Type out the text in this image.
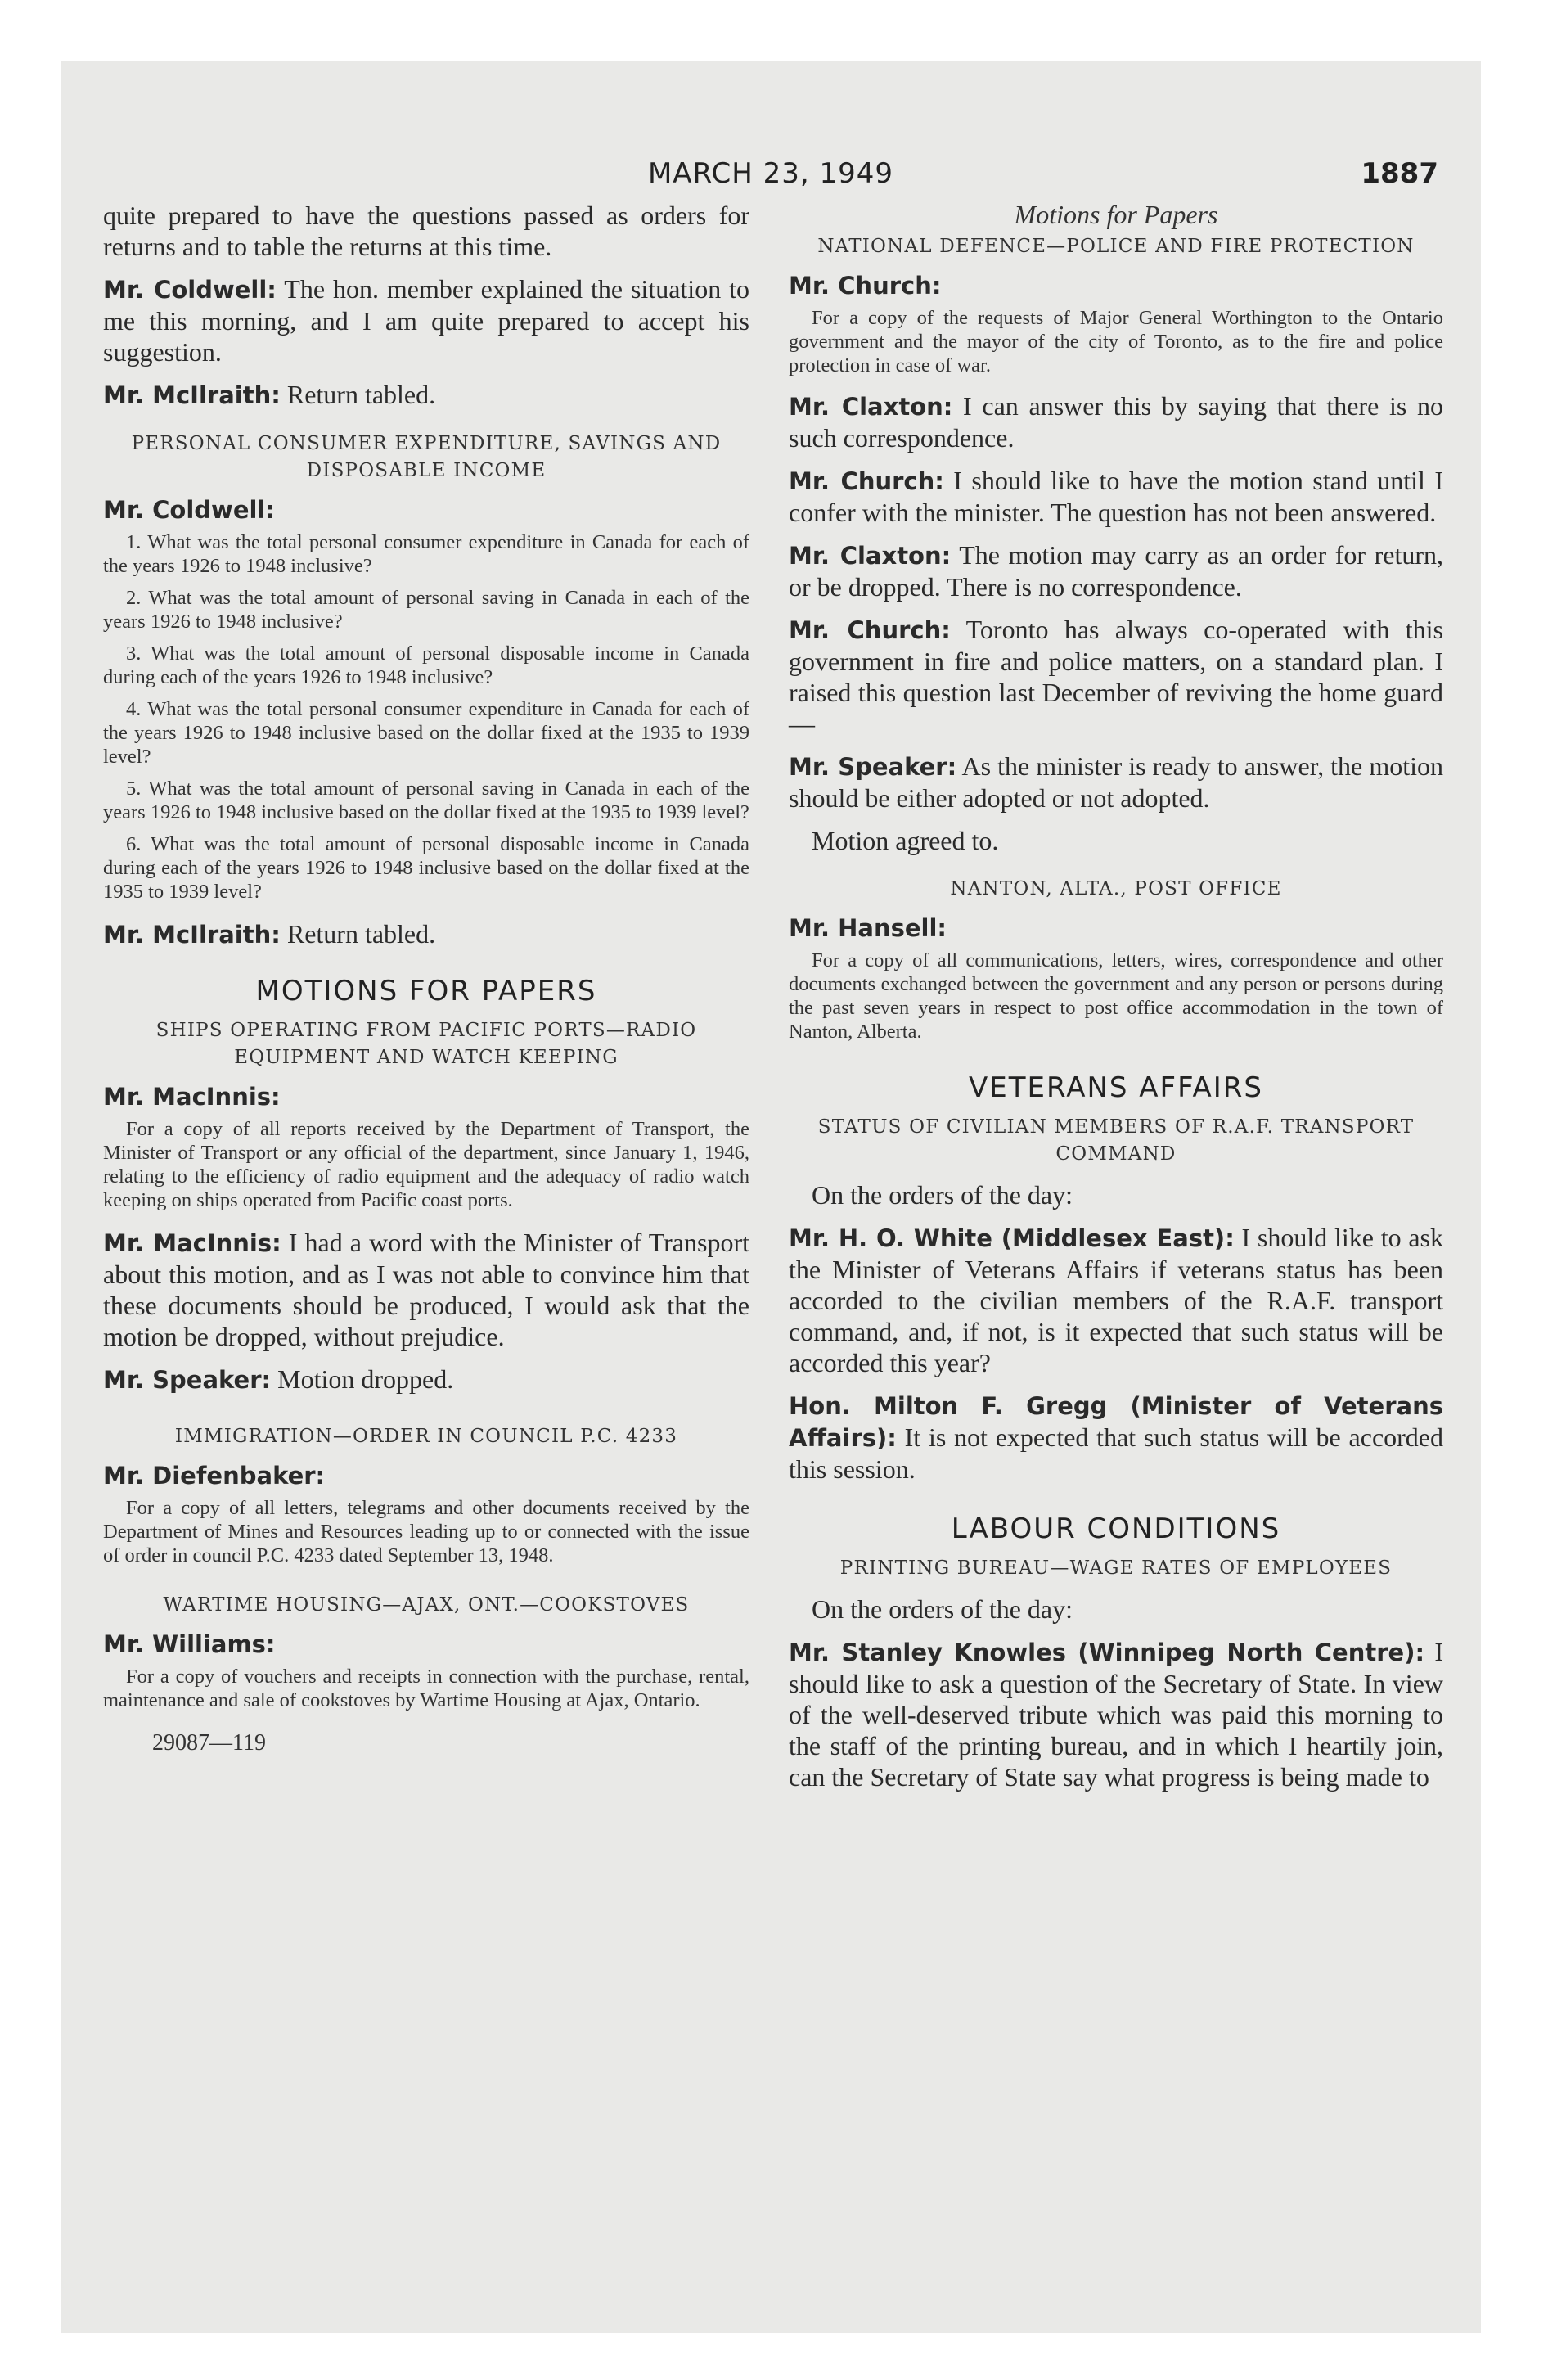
MARCH 23, 1949	1887

quite prepared to have the questions passed as orders for returns and to table the returns at this time.

Mr. Coldwell: The hon. member explained the situation to me this morning, and I am quite prepared to accept his suggestion.

Mr. McIlraith: Return tabled.

PERSONAL CONSUMER EXPENDITURE, SAVINGS AND DISPOSABLE INCOME
Mr. Coldwell:

1. What was the total personal consumer expenditure in Canada for each of the years 1926 to 1948 inclusive?

2. What was the total amount of personal saving in Canada in each of the years 1926 to 1948 inclusive?

3. What was the total amount of personal disposable income in Canada during each of the years 1926 to 1948 inclusive?

4. What was the total personal consumer expenditure in Canada for each of the years 1926 to 1948 inclusive based on the dollar fixed at the 1935 to 1939 level?

5. What was the total amount of personal saving in Canada in each of the years 1926 to 1948 inclusive based on the dollar fixed at the 1935 to 1939 level?

6. What was the total amount of personal disposable income in Canada during each of the years 1926 to 1948 inclusive based on the dollar fixed at the 1935 to 1939 level?

Mr. McIlraith: Return tabled.

MOTIONS FOR PAPERS
SHIPS OPERATING FROM PACIFIC PORTS—RADIO EQUIPMENT AND WATCH KEEPING
Mr. MacInnis:

For a copy of all reports received by the Department of Transport, the Minister of Transport or any official of the department, since January 1, 1946, relating to the efficiency of radio equipment and the adequacy of radio watch keeping on ships operated from Pacific coast ports.

Mr. MacInnis: I had a word with the Minister of Transport about this motion, and as I was not able to convince him that these documents should be produced, I would ask that the motion be dropped, without prejudice.

Mr. Speaker: Motion dropped.

IMMIGRATION—ORDER IN COUNCIL P.C. 4233
Mr. Diefenbaker:

For a copy of all letters, telegrams and other documents received by the Department of Mines and Resources leading up to or connected with the issue of order in council P.C. 4233 dated September 13, 1948.

WARTIME HOUSING—AJAX, ONT.—COOKSTOVES
Mr. Williams:

For a copy of vouchers and receipts in connection with the purchase, rental, maintenance and sale of cookstoves by Wartime Housing at Ajax, Ontario.

29087—119
Motions for Papers
NATIONAL DEFENCE—POLICE AND FIRE PROTECTION
Mr. Church:

For a copy of the requests of Major General Worthington to the Ontario government and the mayor of the city of Toronto, as to the fire and police protection in case of war.

Mr. Claxton: I can answer this by saying that there is no such correspondence.

Mr. Church: I should like to have the motion stand until I confer with the minister. The question has not been answered.

Mr. Claxton: The motion may carry as an order for return, or be dropped. There is no correspondence.

Mr. Church: Toronto has always co-operated with this government in fire and police matters, on a standard plan. I raised this question last December of reviving the home guard—

Mr. Speaker: As the minister is ready to answer, the motion should be either adopted or not adopted.

Motion agreed to.

NANTON, ALTA., POST OFFICE
Mr. Hansell:

For a copy of all communications, letters, wires, correspondence and other documents exchanged between the government and any person or persons during the past seven years in respect to post office accommodation in the town of Nanton, Alberta.

VETERANS AFFAIRS
STATUS OF CIVILIAN MEMBERS OF R.A.F. TRANSPORT COMMAND

On the orders of the day:

Mr. H. O. White (Middlesex East): I should like to ask the Minister of Veterans Affairs if veterans status has been accorded to the civilian members of the R.A.F. transport command, and, if not, is it expected that such status will be accorded this year?

Hon. Milton F. Gregg (Minister of Veterans Affairs): It is not expected that such status will be accorded this session.

LABOUR CONDITIONS
PRINTING BUREAU—WAGE RATES OF EMPLOYEES

On the orders of the day:

Mr. Stanley Knowles (Winnipeg North Centre): I should like to ask a question of the Secretary of State. In view of the well-deserved tribute which was paid this morning to the staff of the printing bureau, and in which I heartily join, can the Secretary of State say what progress is being made to
